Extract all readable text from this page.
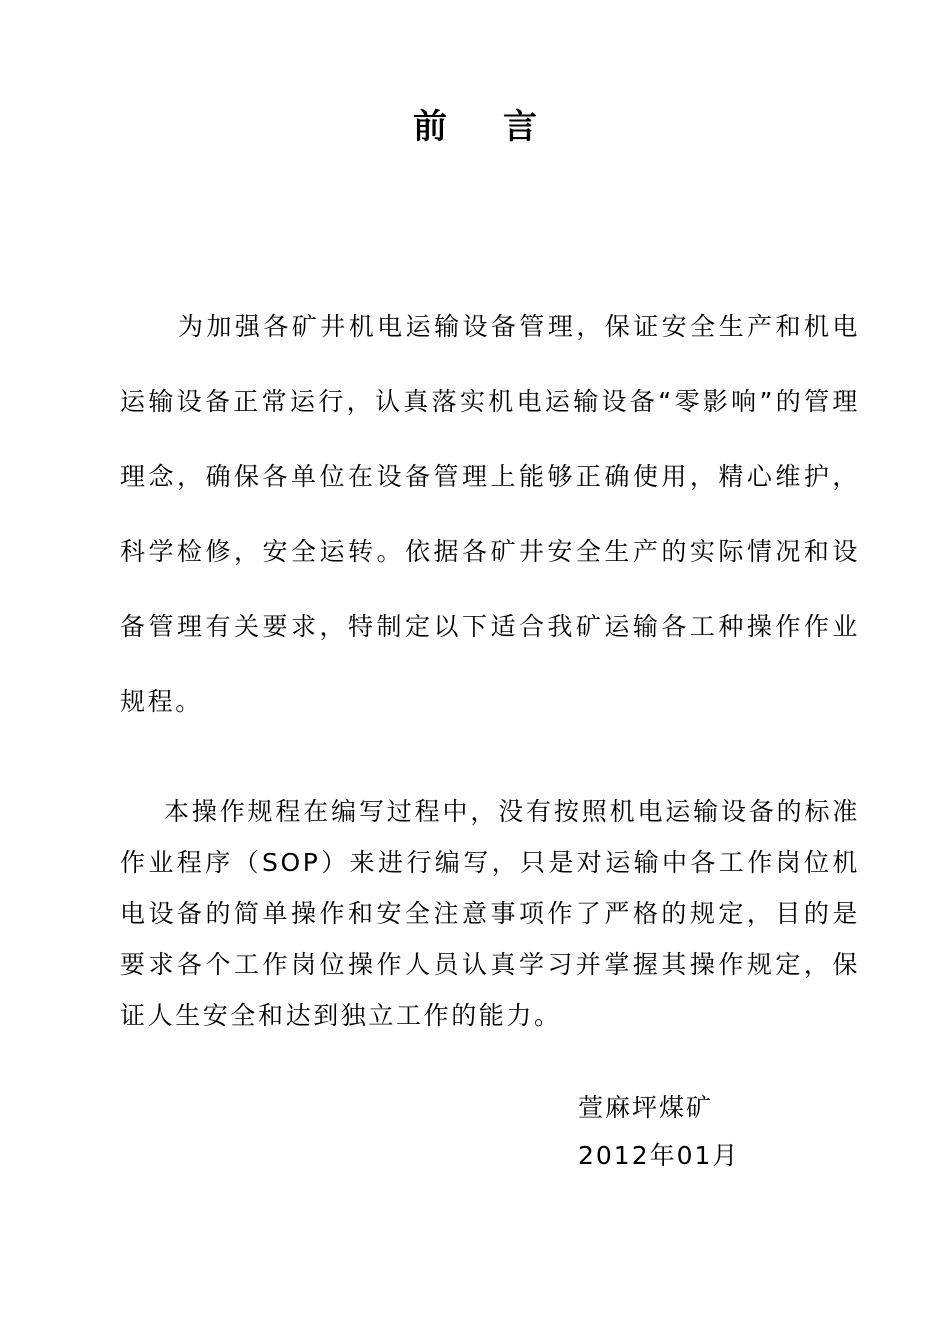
前言

为加强各矿井机电运输设备管理，保证安全生产和机电运输设备正常运行，认真落实机电运输设备“零影响”的管理理念，确保各单位在设备管理上能够正确使用，精心维护，科学检修，安全运转。依据各矿井安全生产的实际情况和设备管理有关要求，特制定以下适合我矿运输各工种操作作业规程。

本操作规程在编写过程中，没有按照机电运输设备的标准作业程序（SOP）来进行编写，只是对运输中各工作岗位机电设备的简单操作和安全注意事项作了严格的规定，目的是要求各个工作岗位操作人员认真学习并掌握其操作规定，保证人生安全和达到独立工作的能力。

萱麻坪煤矿
2012年01月
